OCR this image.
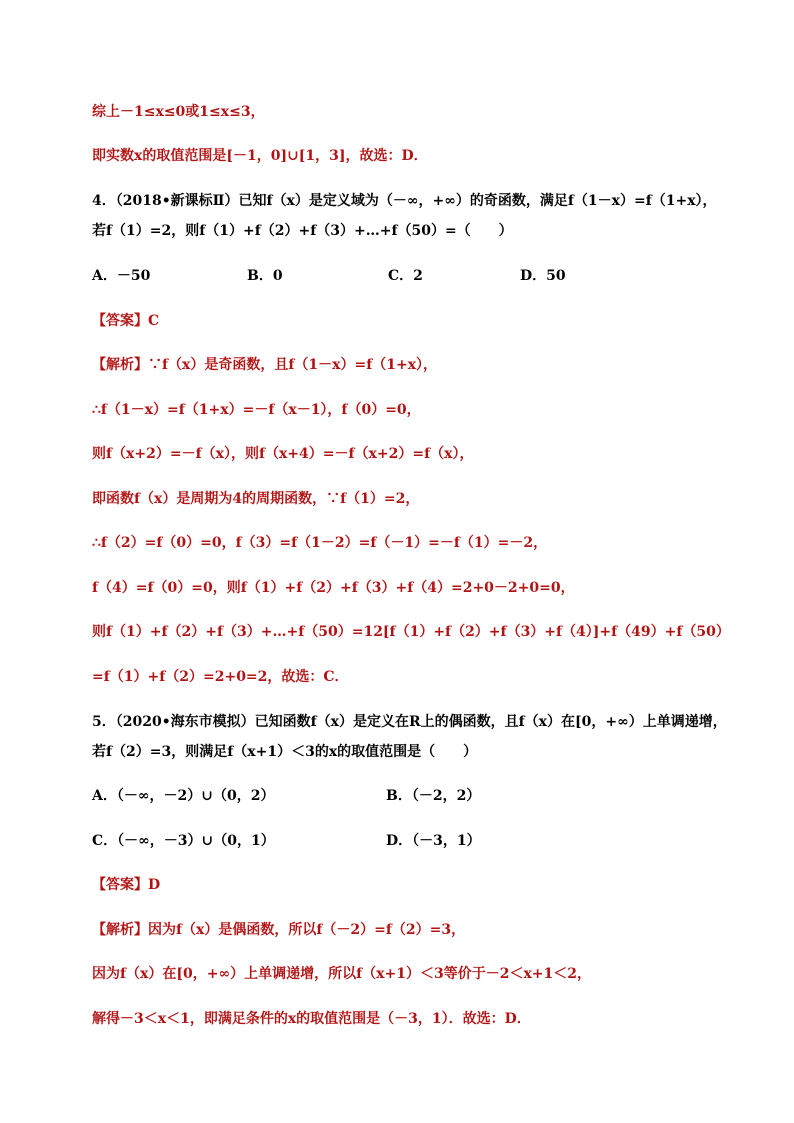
综上－1≤x≤0或1≤x≤3，

即实数x的取值范围是[－1，0]∪[1，3]，故选：D．

4．（2018•新课标Ⅱ）已知f（x）是定义域为（－∞，+∞）的奇函数，满足f（1－x）=f（1+x），

若f（1）=2，则f（1）+f（2）+f（3）+…+f（50）=（　　）

A．－50	B．0	C．2	D．50

【答案】C

【解析】∵f（x）是奇函数，且f（1－x）=f（1+x），

∴f（1－x）=f（1+x）=－f（x－1），f（0）=0，

则f（x+2）=－f（x），则f（x+4）=－f（x+2）=f（x），

即函数f（x）是周期为4的周期函数，∵f（1）=2，

∴f（2）=f（0）=0，f（3）=f（1－2）=f（－1）=－f（1）=－2，

f（4）=f（0）=0，则f（1）+f（2）+f（3）+f（4）=2+0－2+0=0，

则f（1）+f（2）+f（3）+…+f（50）=12[f（1）+f（2）+f（3）+f（4）]+f（49）+f（50）

=f（1）+f（2）=2+0=2，故选：C．

5．（2020•海东市模拟）已知函数f（x）是定义在R上的偶函数，且f（x）在[0，+∞）上单调递增，

若f（2）=3，则满足f（x+1）＜3的x的取值范围是（　　）

A．（－∞，－2）∪（0，2）	B．（－2，2）
C．（－∞，－3）∪（0，1）	D．（－3，1）

【答案】D

【解析】因为f（x）是偶函数，所以f（－2）=f（2）=3，

因为f（x）在[0，+∞）上单调递增，所以f（x+1）＜3等价于－2＜x+1＜2，

解得－3＜x＜1，即满足条件的x的取值范围是（－3，1）．故选：D．
